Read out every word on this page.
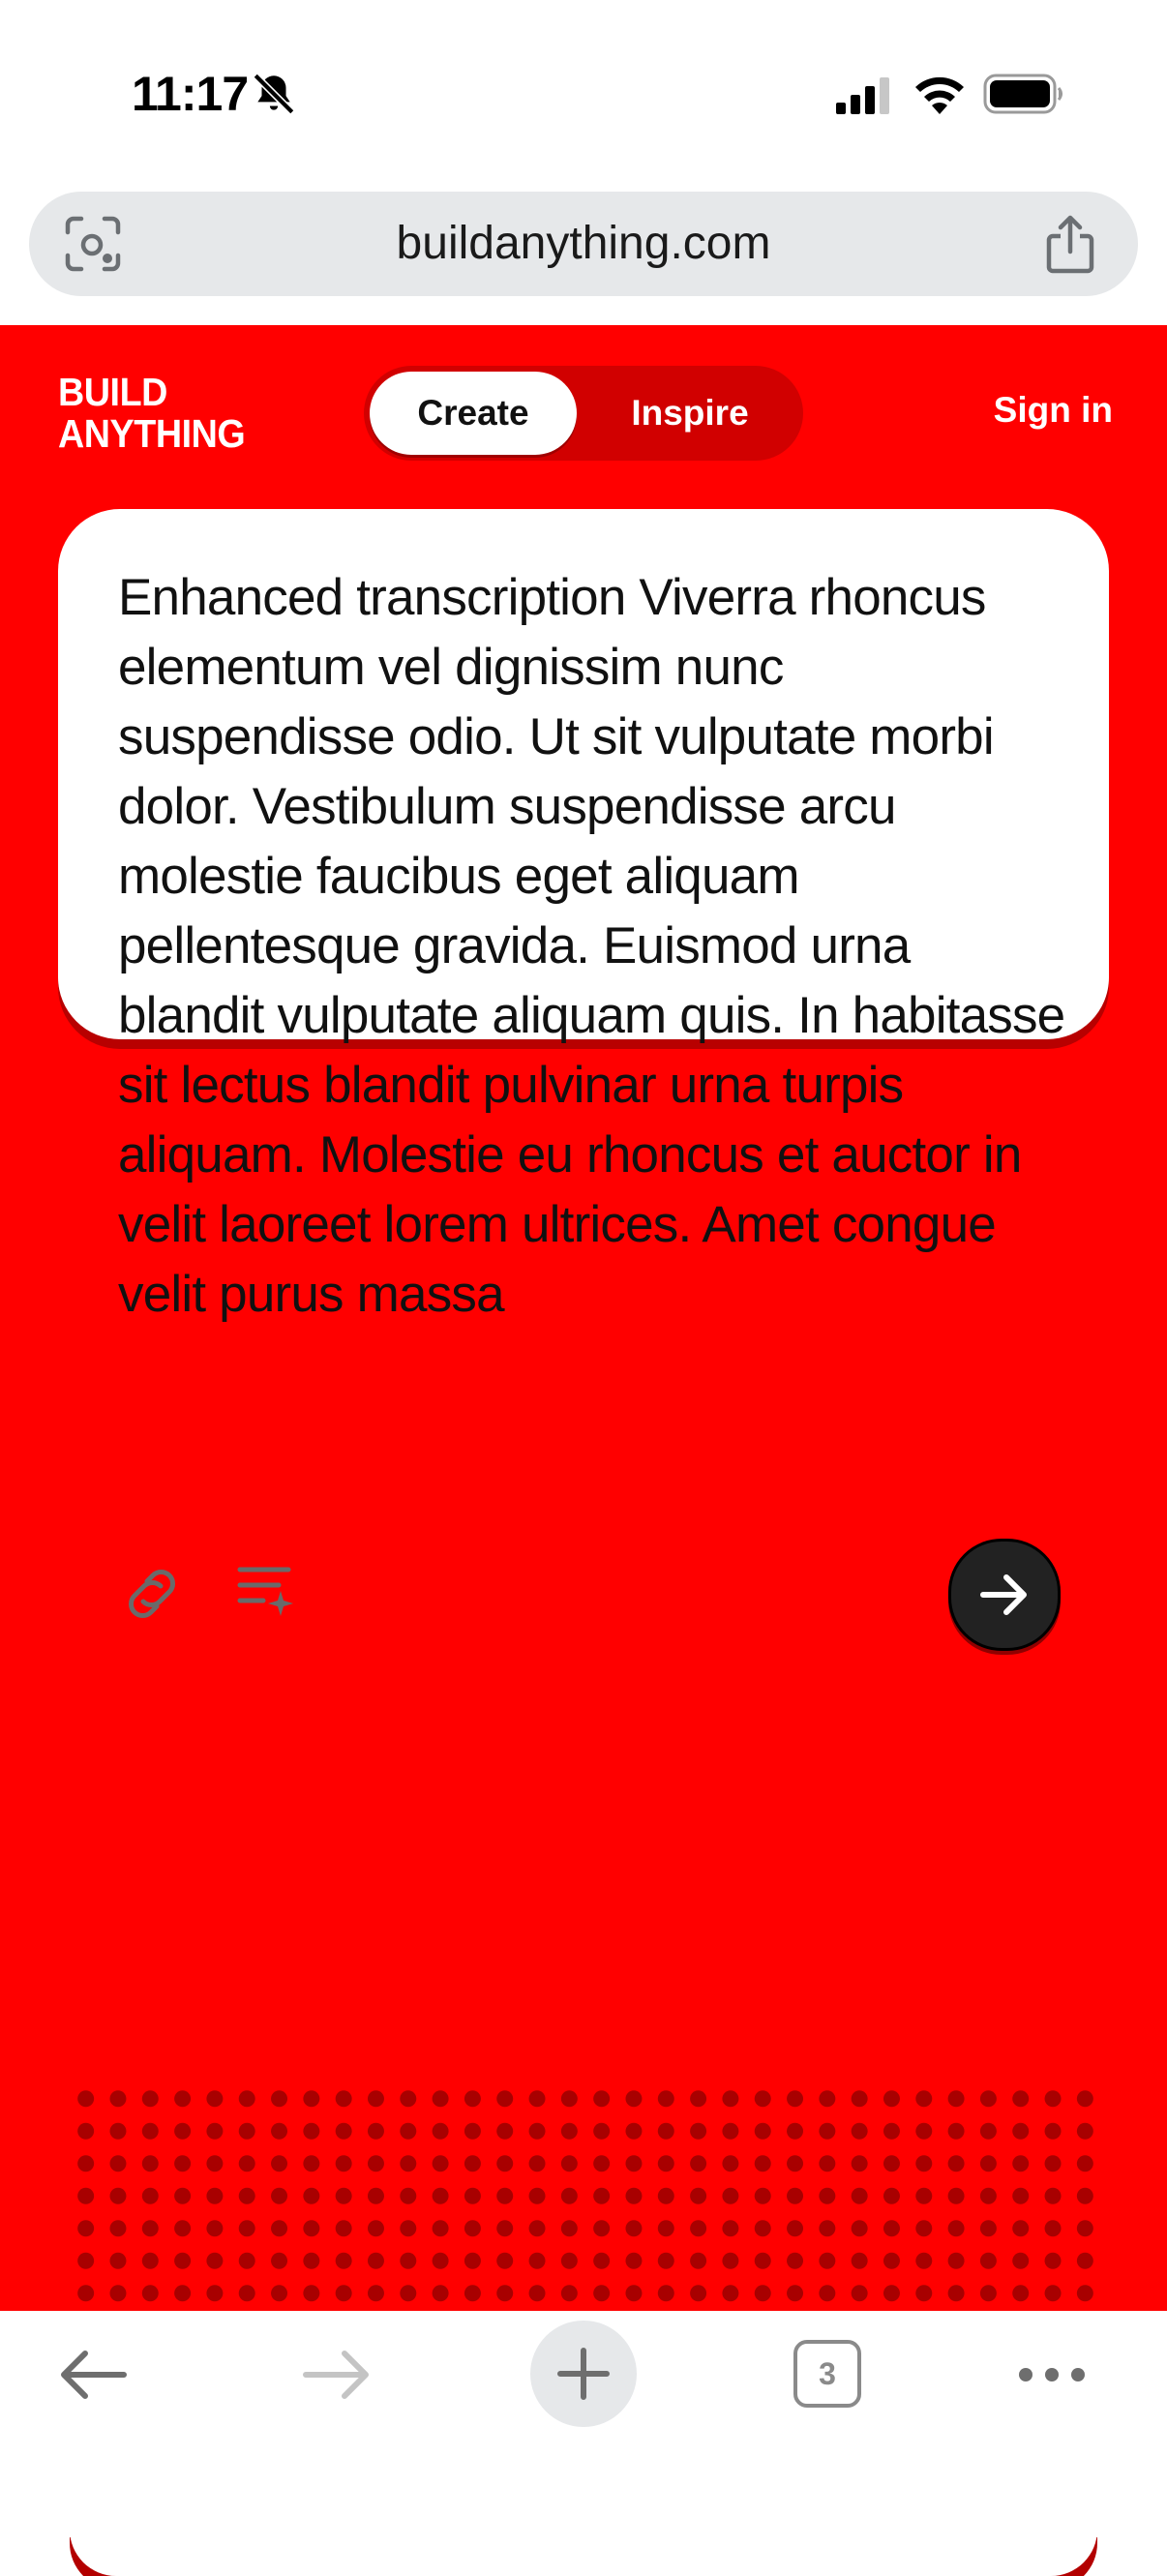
11:17
buildanything.com
BUILD
ANYTHING	Create	Inspire	Sign in
Enhanced transcription Viverra rhoncus elementum vel dignissim nunc suspendisse odio. Ut sit vulputate morbi dolor. Vestibulum suspendisse arcu molestie faucibus eget aliquam pellentesque gravida. Euismod urna blandit vulputate aliquam quis. In habitasse sit lectus blandit pulvinar urna turpis aliquam. Molestie eu rhoncus et auctor in velit laoreet lorem ultrices. Amet congue velit purus massa
3
